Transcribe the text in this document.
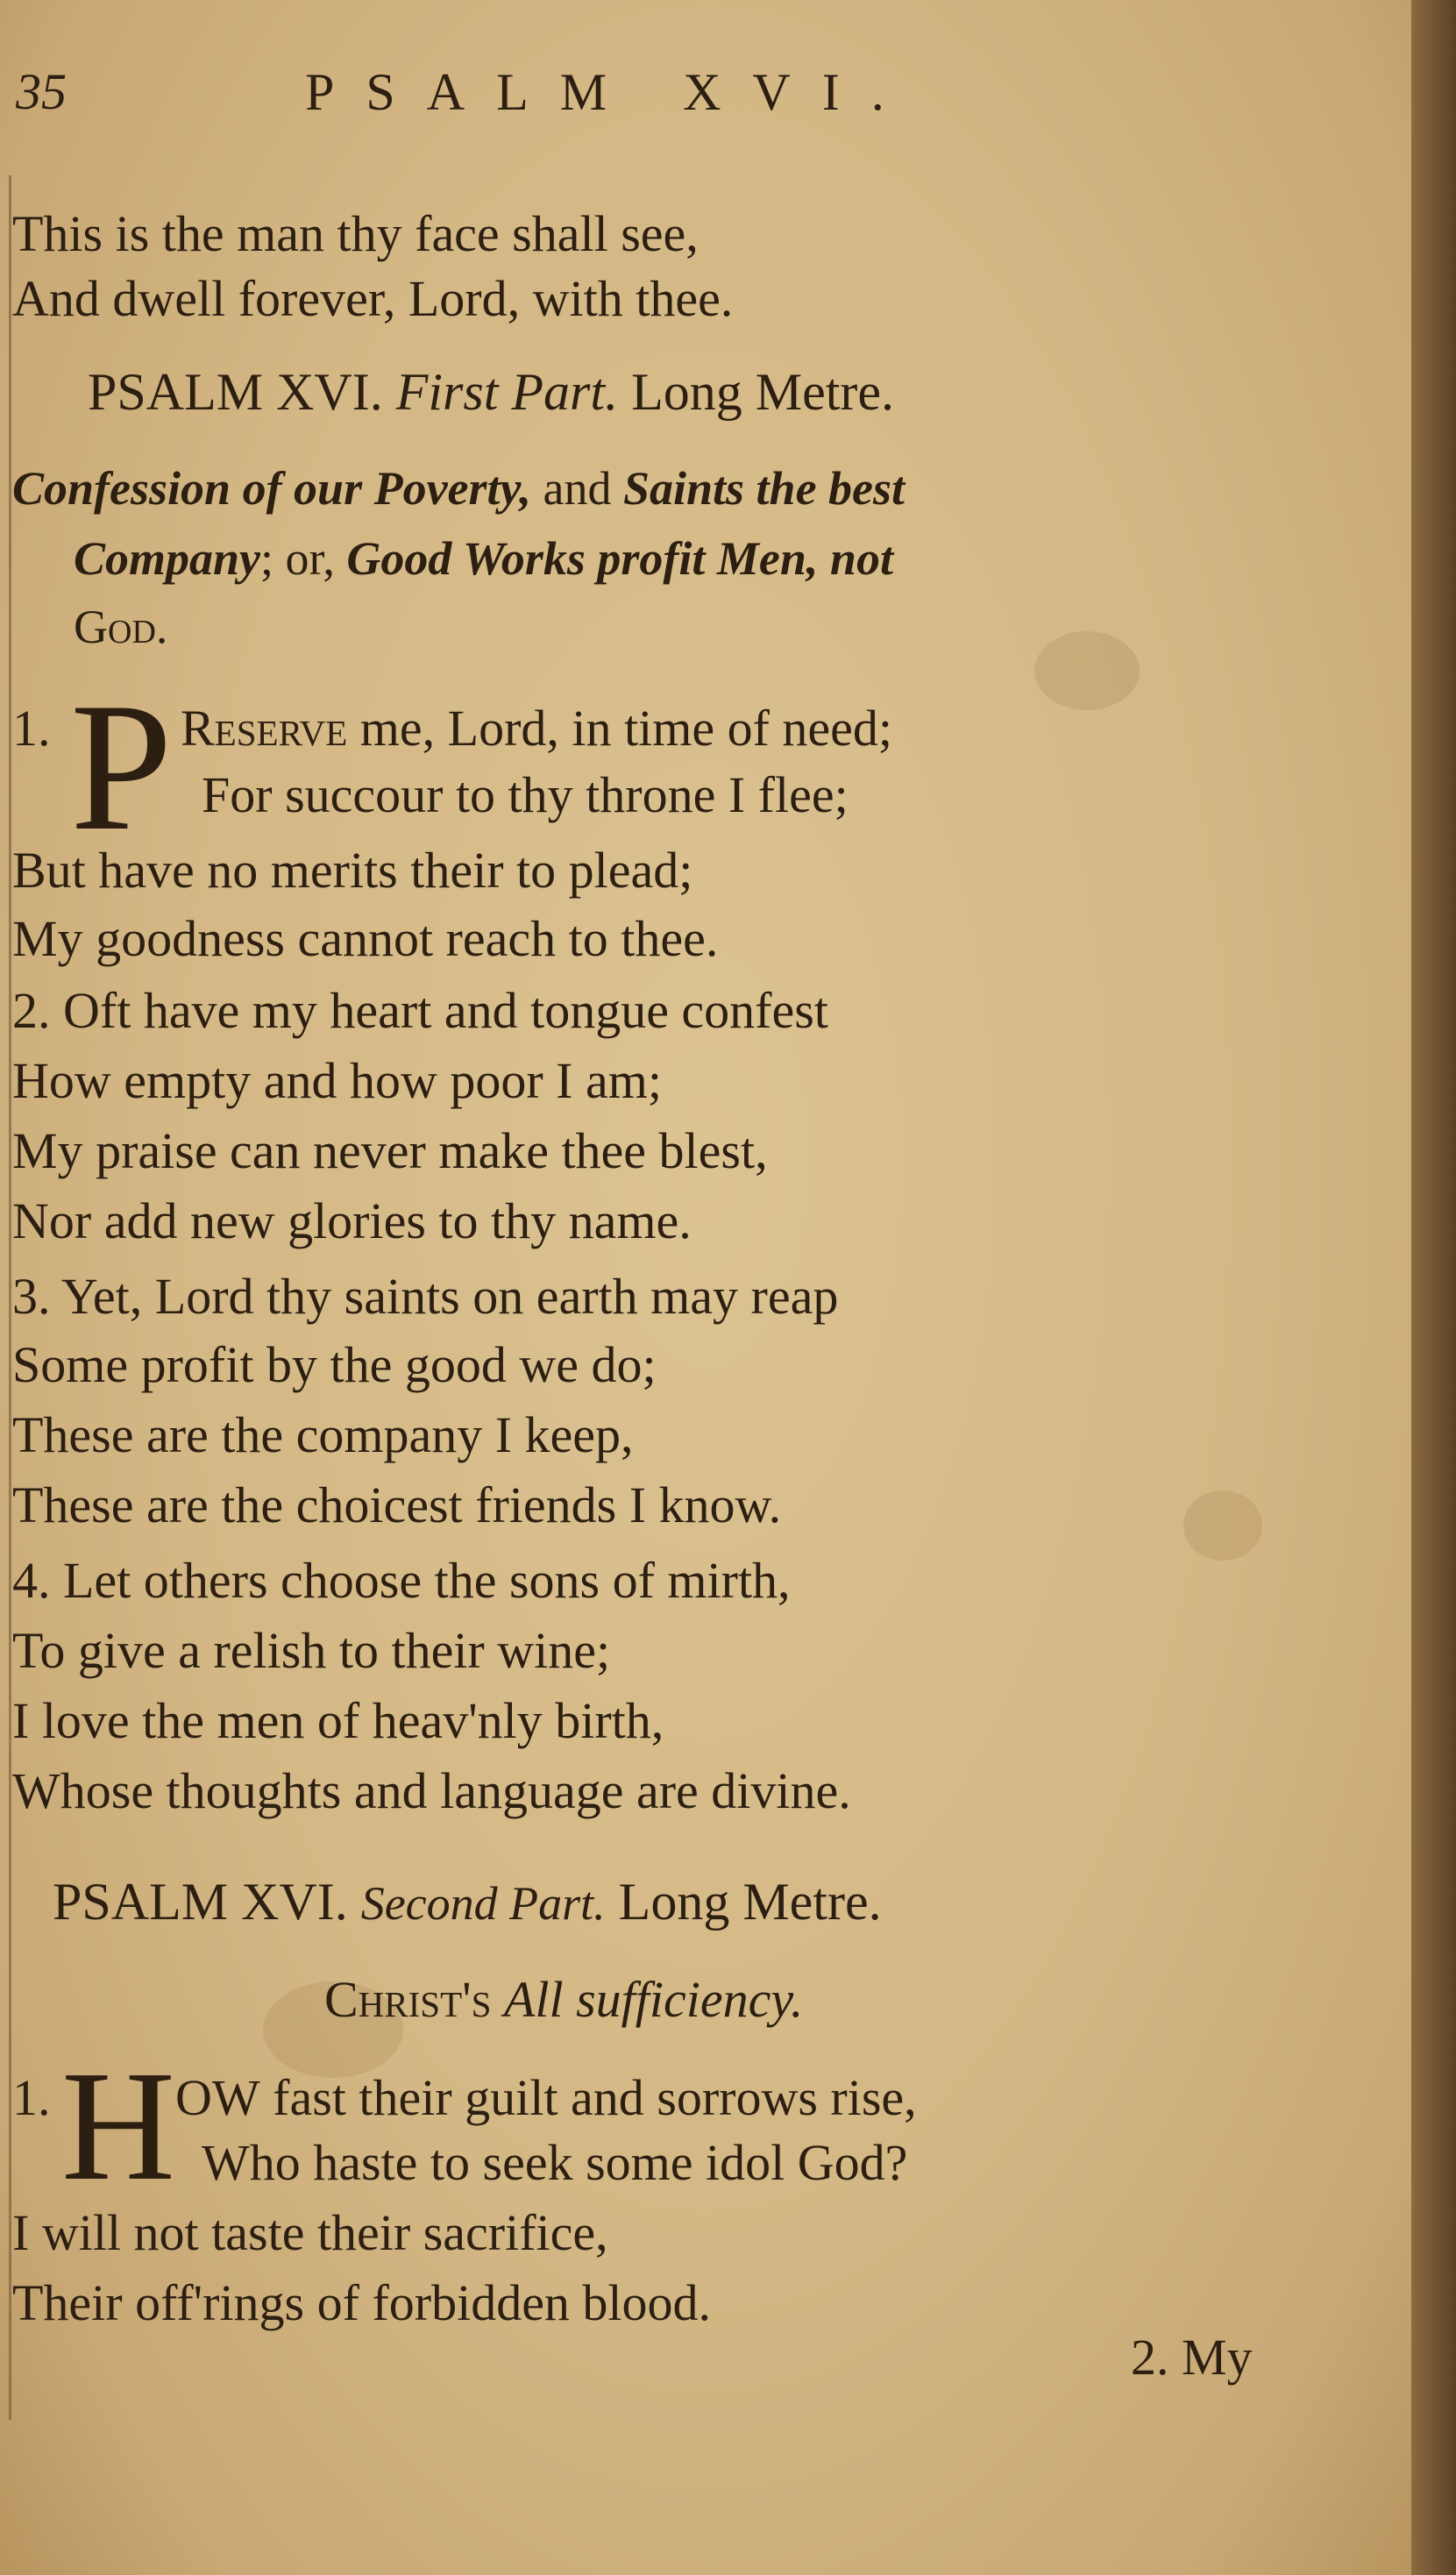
35	PSALM XVI.
This is the man thy face shall see,
And dwell forever, Lord, with thee.
PSALM XVI. First Part. Long Metre.
Confession of our Poverty, and Saints the best
Company; or, Good Works profit Men, not
God.
1. P Reserve me, Lord, in time of need;
For succour to thy throne I flee;
But have no merits their to plead;
My goodness cannot reach to thee.
2. Oft have my heart and tongue confest
How empty and how poor I am;
My praise can never make thee blest,
Nor add new glories to thy name.
3. Yet, Lord thy saints on earth may reap
Some profit by the good we do;
These are the company I keep,
These are the choicest friends I know.
4. Let others choose the sons of mirth,
To give a relish to their wine;
I love the men of heav'nly birth,
Whose thoughts and language are divine.
PSALM XVI. Second Part. Long Metre.
Christ's All sufficiency.
1. H OW fast their guilt and sorrows rise,
Who haste to seek some idol God?
I will not taste their sacrifice,
Their off'rings of forbidden blood.
2. My
